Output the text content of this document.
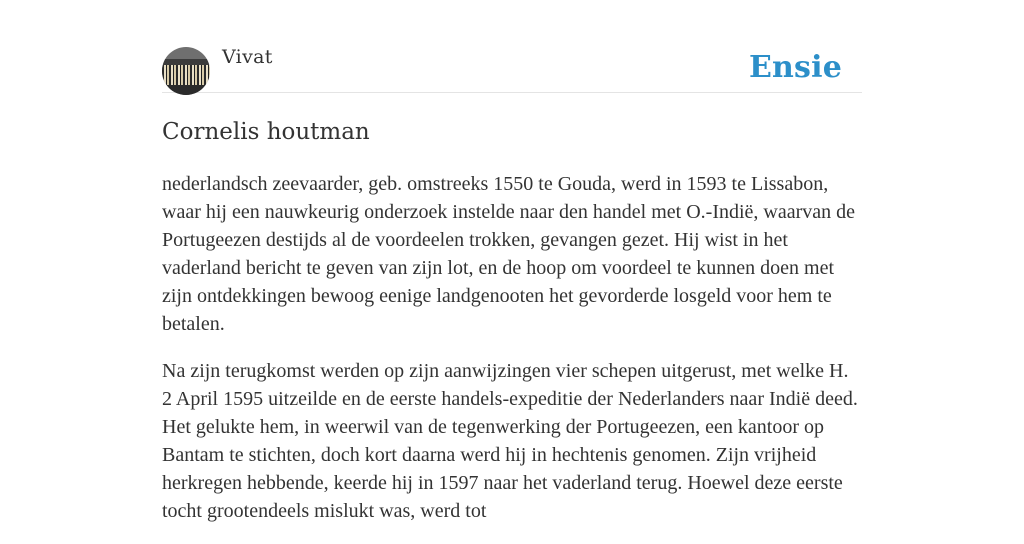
Vivat	Ensie
Cornelis houtman

nederlandsch zeevaarder, geb. omstreeks 1550 te Gouda, werd in 1593 te Lissabon, waar hij een nauwkeurig onderzoek instelde naar den handel met O.-Indië, waarvan de Portugeezen destijds al de voordeelen trokken, gevangen gezet. Hij wist in het vaderland bericht te geven van zijn lot, en de hoop om voordeel te kunnen doen met zijn ontdekkingen bewoog eenige landgenooten het gevorderde losgeld voor hem te betalen.

Na zijn terugkomst werden op zijn aanwijzingen vier schepen uitgerust, met welke H. 2 April 1595 uitzeilde en de eerste handels-expeditie der Nederlanders naar Indië deed. Het gelukte hem, in weerwil van de tegenwerking der Portugeezen, een kantoor op Bantam te stichten, doch kort daarna werd hij in hechtenis genomen. Zijn vrijheid herkregen hebbende, keerde hij in 1597 naar het vaderland terug. Hoewel deze eerste tocht grootendeels mislukt was, werd tot
